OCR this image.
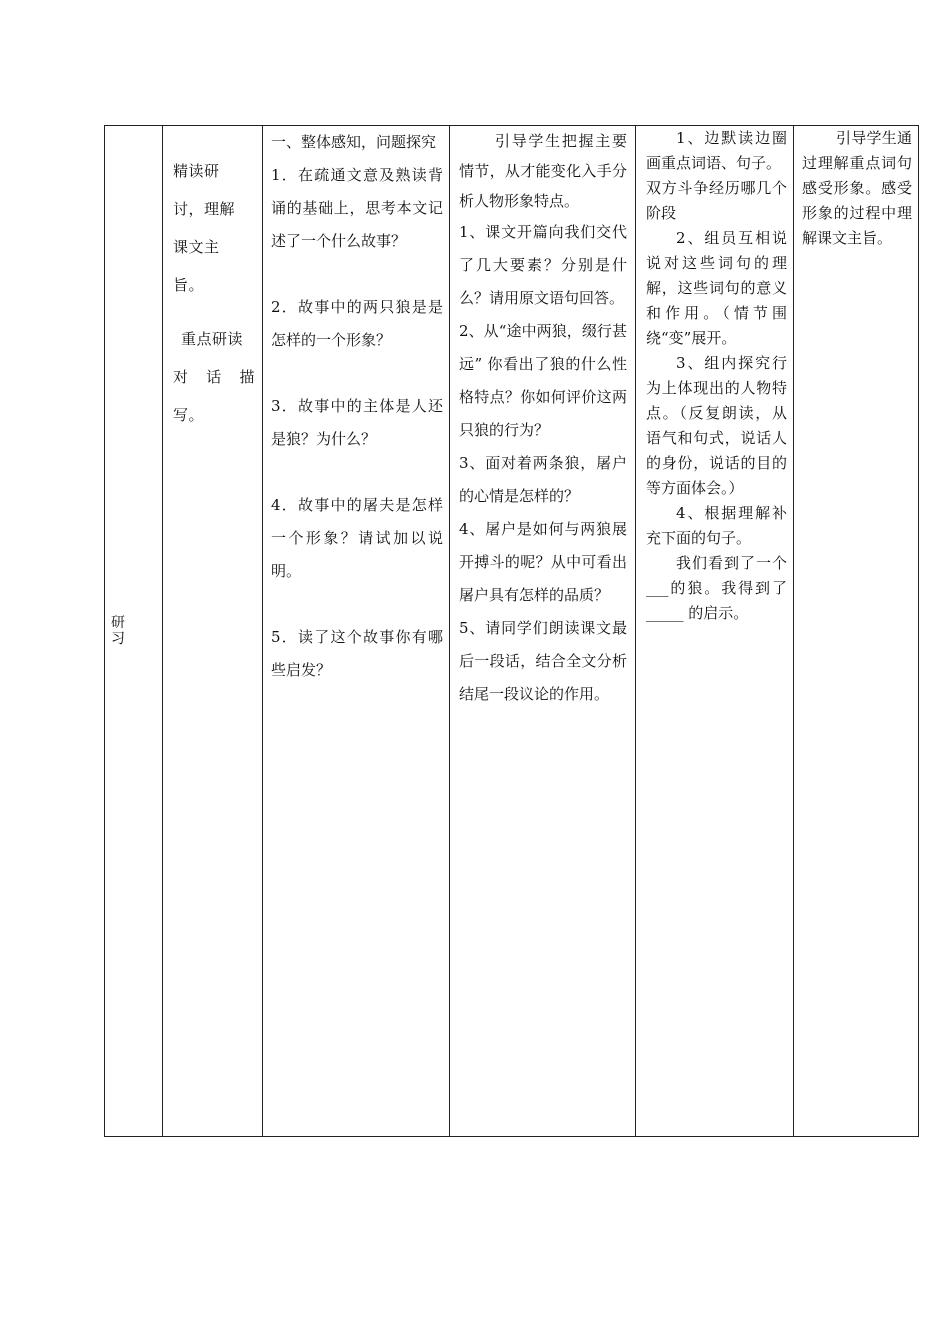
研习

精读研
讨，理解
课文主
旨。
重点研读
对 话 描
写。

一、整体感知，问题探究
1．在疏通文意及熟读背诵的基础上，思考本文记述了一个什么故事？
2．故事中的两只狼是是怎样的一个形象？
3．故事中的主体是人还是狼？为什么？
4．故事中的屠夫是怎样一个形象？请试加以说明。
5．读了这个故事你有哪些启发？

引导学生把握主要情节，从才能变化入手分析人物形象特点。
1、课文开篇向我们交代了几大要素？分别是什么？请用原文语句回答。
2、从“途中两狼，缀行甚远” 你看出了狼的什么性格特点？你如何评价这两只狼的行为？
3、面对着两条狼，屠户的心情是怎样的？
4、屠户是如何与两狼展开搏斗的呢？从中可看出屠户具有怎样的品质？
5、请同学们朗读课文最后一段话，结合全文分析结尾一段议论的作用。

1、边默读边圈画重点词语、句子。
双方斗争经历哪几个阶段
2、组员互相说说对这些词句的理解，这些词句的意义和作用。（情节围绕“变”展开。
3、组内探究行为上体现出的人物特点。（反复朗读，从语气和句式，说话人的身份，说话的目的等方面体会。）
4、根据理解补充下面的句子。
我们看到了一个___的狼。我得到了_____ 的启示。

引导学生通过理解重点词句感受形象。感受形象的过程中理解课文主旨。
